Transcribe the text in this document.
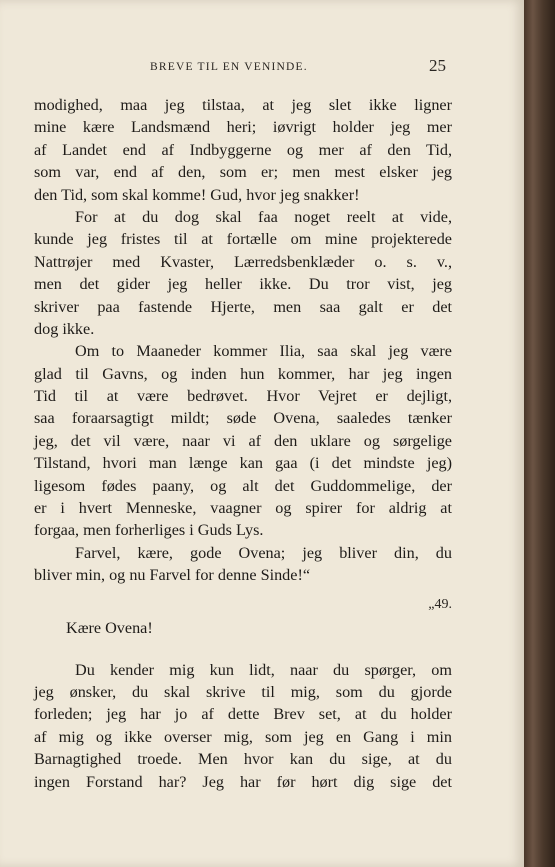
BREVE TIL EN VENINDE.	25
modighed, maa jeg tilstaa, at jeg slet ikke ligner
mine kære Landsmænd heri; iøvrigt holder jeg mer
af Landet end af Indbyggerne og mer af den Tid,
som var, end af den, som er; men mest elsker jeg
den Tid, som skal komme! Gud, hvor jeg snakker!
For at du dog skal faa noget reelt at vide,
kunde jeg fristes til at fortælle om mine projekterede
Nattrøjer med Kvaster, Lærredsbenklæder o. s. v.,
men det gider jeg heller ikke. Du tror vist, jeg
skriver paa fastende Hjerte, men saa galt er det
dog ikke.
Om to Maaneder kommer Ilia, saa skal jeg være
glad til Gavns, og inden hun kommer, har jeg ingen
Tid til at være bedrøvet. Hvor Vejret er dejligt,
saa foraarsagtigt mildt; søde Ovena, saaledes tænker
jeg, det vil være, naar vi af den uklare og sørgelige
Tilstand, hvori man længe kan gaa (i det mindste jeg)
ligesom fødes paany, og alt det Guddommelige, der
er i hvert Menneske, vaagner og spirer for aldrig at
forgaa, men forherliges i Guds Lys.
Farvel, kære, gode Ovena; jeg bliver din, du
bliver min, og nu Farvel for denne Sinde!“
„49.
Kære Ovena!
Du kender mig kun lidt, naar du spørger, om
jeg ønsker, du skal skrive til mig, som du gjorde
forleden; jeg har jo af dette Brev set, at du holder
af mig og ikke overser mig, som jeg en Gang i min
Barnagtighed troede. Men hvor kan du sige, at du
ingen Forstand har? Jeg har før hørt dig sige det
